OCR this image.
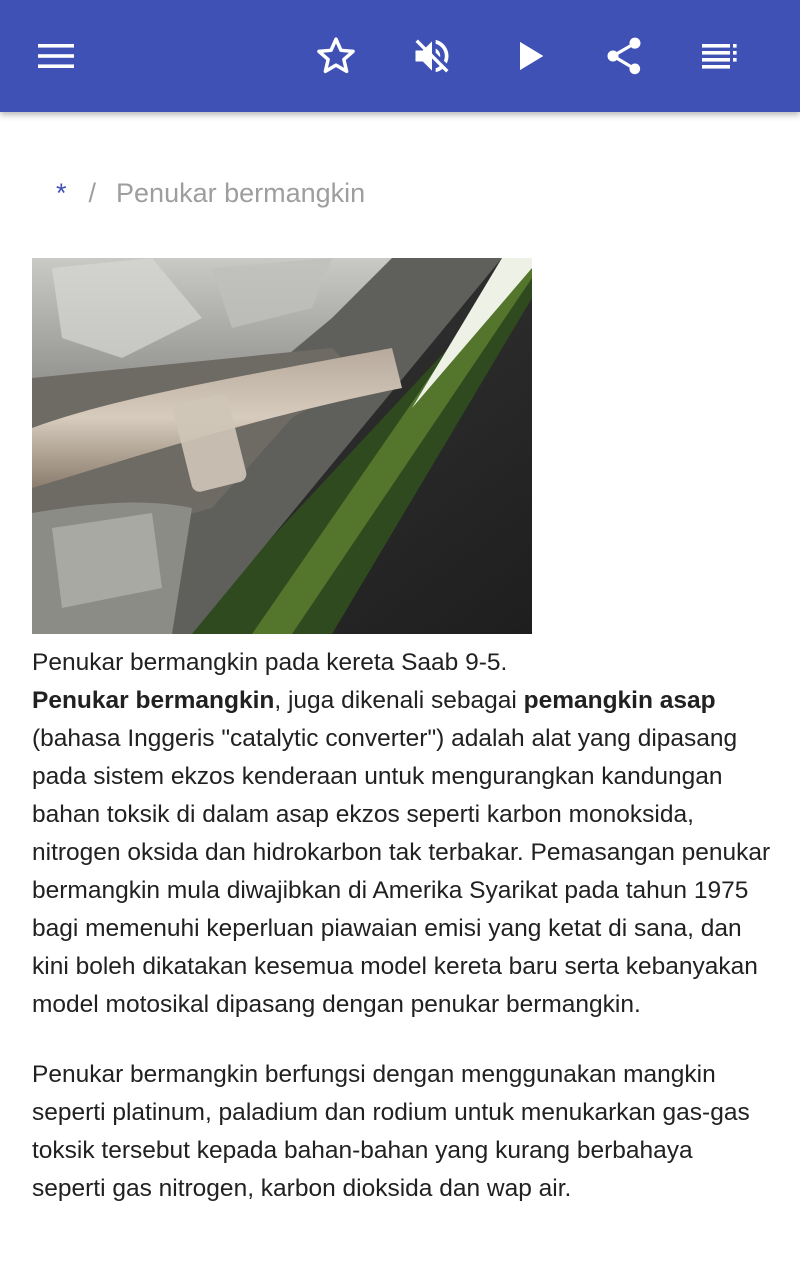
* / Penukar bermangkin

Penukar bermangkin pada kereta Saab 9-5.

Penukar bermangkin, juga dikenali sebagai pemangkin asap (bahasa Inggeris "catalytic converter") adalah alat yang dipasang pada sistem ekzos kenderaan untuk mengurangkan kandungan bahan toksik di dalam asap ekzos seperti karbon monoksida, nitrogen oksida dan hidrokarbon tak terbakar. Pemasangan penukar bermangkin mula diwajibkan di Amerika Syarikat pada tahun 1975 bagi memenuhi keperluan piawaian emisi yang ketat di sana, dan kini boleh dikatakan kesemua model kereta baru serta kebanyakan model motosikal dipasang dengan penukar bermangkin.

Penukar bermangkin berfungsi dengan menggunakan mangkin seperti platinum, paladium dan rodium untuk menukarkan gas-gas toksik tersebut kepada bahan-bahan yang kurang berbahaya seperti gas nitrogen, karbon dioksida dan wap air.
